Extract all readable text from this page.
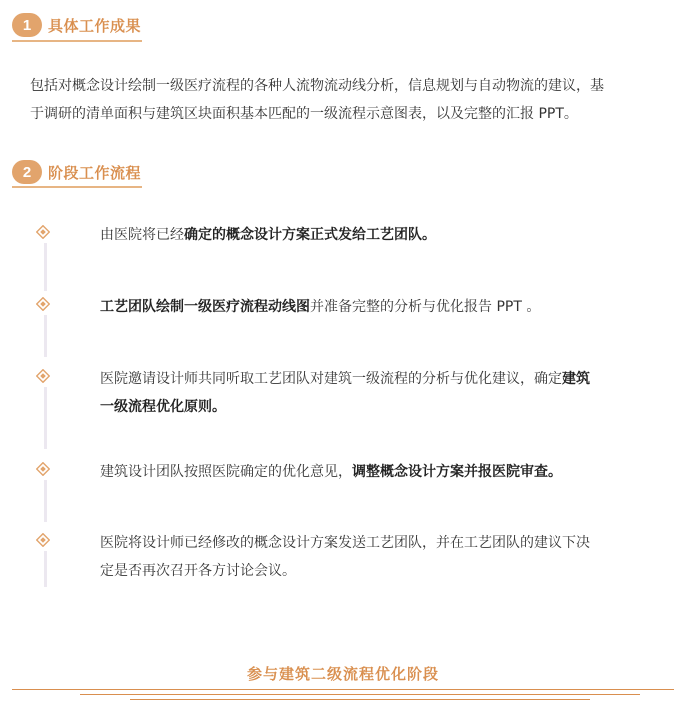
1	具体工作成果
包括对概念设计绘制一级医疗流程的各种人流物流动线分析，信息规划与自动物流的建议，基
于调研的清单面积与建筑区块面积基本匹配的一级流程示意图表，以及完整的汇报 PPT。
2	阶段工作流程
由医院将已经确定的概念设计方案正式发给工艺团队。
工艺团队绘制一级医疗流程动线图并准备完整的分析与优化报告 PPT 。
医院邀请设计师共同听取工艺团队对建筑一级流程的分析与优化建议，确定建筑
一级流程优化原则。
建筑设计团队按照医院确定的优化意见，调整概念设计方案并报医院审查。
医院将设计师已经修改的概念设计方案发送工艺团队，并在工艺团队的建议下决
定是否再次召开各方讨论会议。
参与建筑二级流程优化阶段
